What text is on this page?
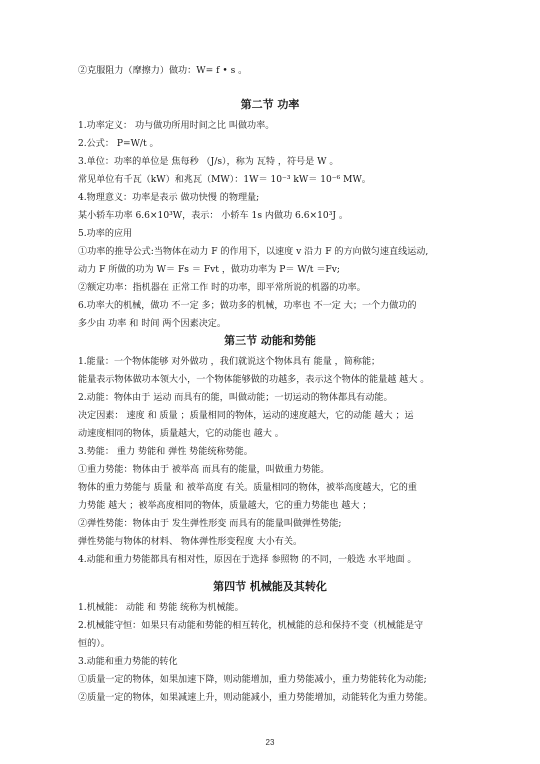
②克服阻力（摩擦力）做功：W= f • s 。
第二节 功率
1.功率定义： 功与做功所用时间之比 叫做功率。
2.公式： P=W/t 。
3.单位：功率的单位是 焦每秒 （J/s），称为 瓦特 ，符号是 W 。
常见单位有千瓦（kW）和兆瓦（MW）：1W＝ 10⁻³ kW＝ 10⁻⁶ MW。
4.物理意义：功率是表示 做功快慢 的物理量;
某小轿车功率 6.6×10³W，表示： 小轿车 1s 内做功 6.6×10³J 。
5.功率的应用
①功率的推导公式:当物体在动力 F 的作用下，以速度 v 沿力 F 的方向做匀速直线运动,
动力 F 所做的功为 W＝ Fs ＝ Fvt ，做功功率为 P＝ W/t ＝Fv;
②额定功率：指机器在 正常工作 时的功率，即平常所说的机器的功率。
6.功率大的机械，做功 不一定 多；做功多的机械，功率也 不一定 大；一个力做功的
多少由 功率 和 时间 两个因素决定。
第三节 动能和势能
1.能量：一个物体能够 对外做功 ，我们就说这个物体具有 能量 ，简称能；
能量表示物体做功本领大小，一个物体能够做的功越多，表示这个物体的能量越 越大 。
2.动能：物体由于 运动 而具有的能，叫做动能；一切运动的物体都具有动能。
决定因素： 速度 和 质量 ；质量相同的物体，运动的速度越大，它的动能 越大 ；运
动速度相同的物体，质量越大，它的动能也 越大 。
3.势能： 重力 势能和 弹性 势能统称势能。
①重力势能：物体由于 被举高 而具有的能量，叫做重力势能。
物体的重力势能与 质量 和 被举高度 有关。质量相同的物体，被举高度越大，它的重
力势能 越大 ；被举高度相同的物体，质量越大，它的重力势能也 越大 ；
②弹性势能：物体由于 发生弹性形变 而具有的能量叫做弹性势能;
弹性势能与物体的材料、 物体弹性形变程度 大小有关。
4.动能和重力势能都具有相对性，原因在于选择 参照物 的不同，一般选 水平地面 。
第四节 机械能及其转化
1.机械能： 动能 和 势能 统称为机械能。
2.机械能守恒：如果只有动能和势能的相互转化，机械能的总和保持不变（机械能是守
恒的）。
3.动能和重力势能的转化
①质量一定的物体，如果加速下降，则动能增加，重力势能减小，重力势能转化为动能;
②质量一定的物体，如果减速上升，则动能减小，重力势能增加，动能转化为重力势能。
23
